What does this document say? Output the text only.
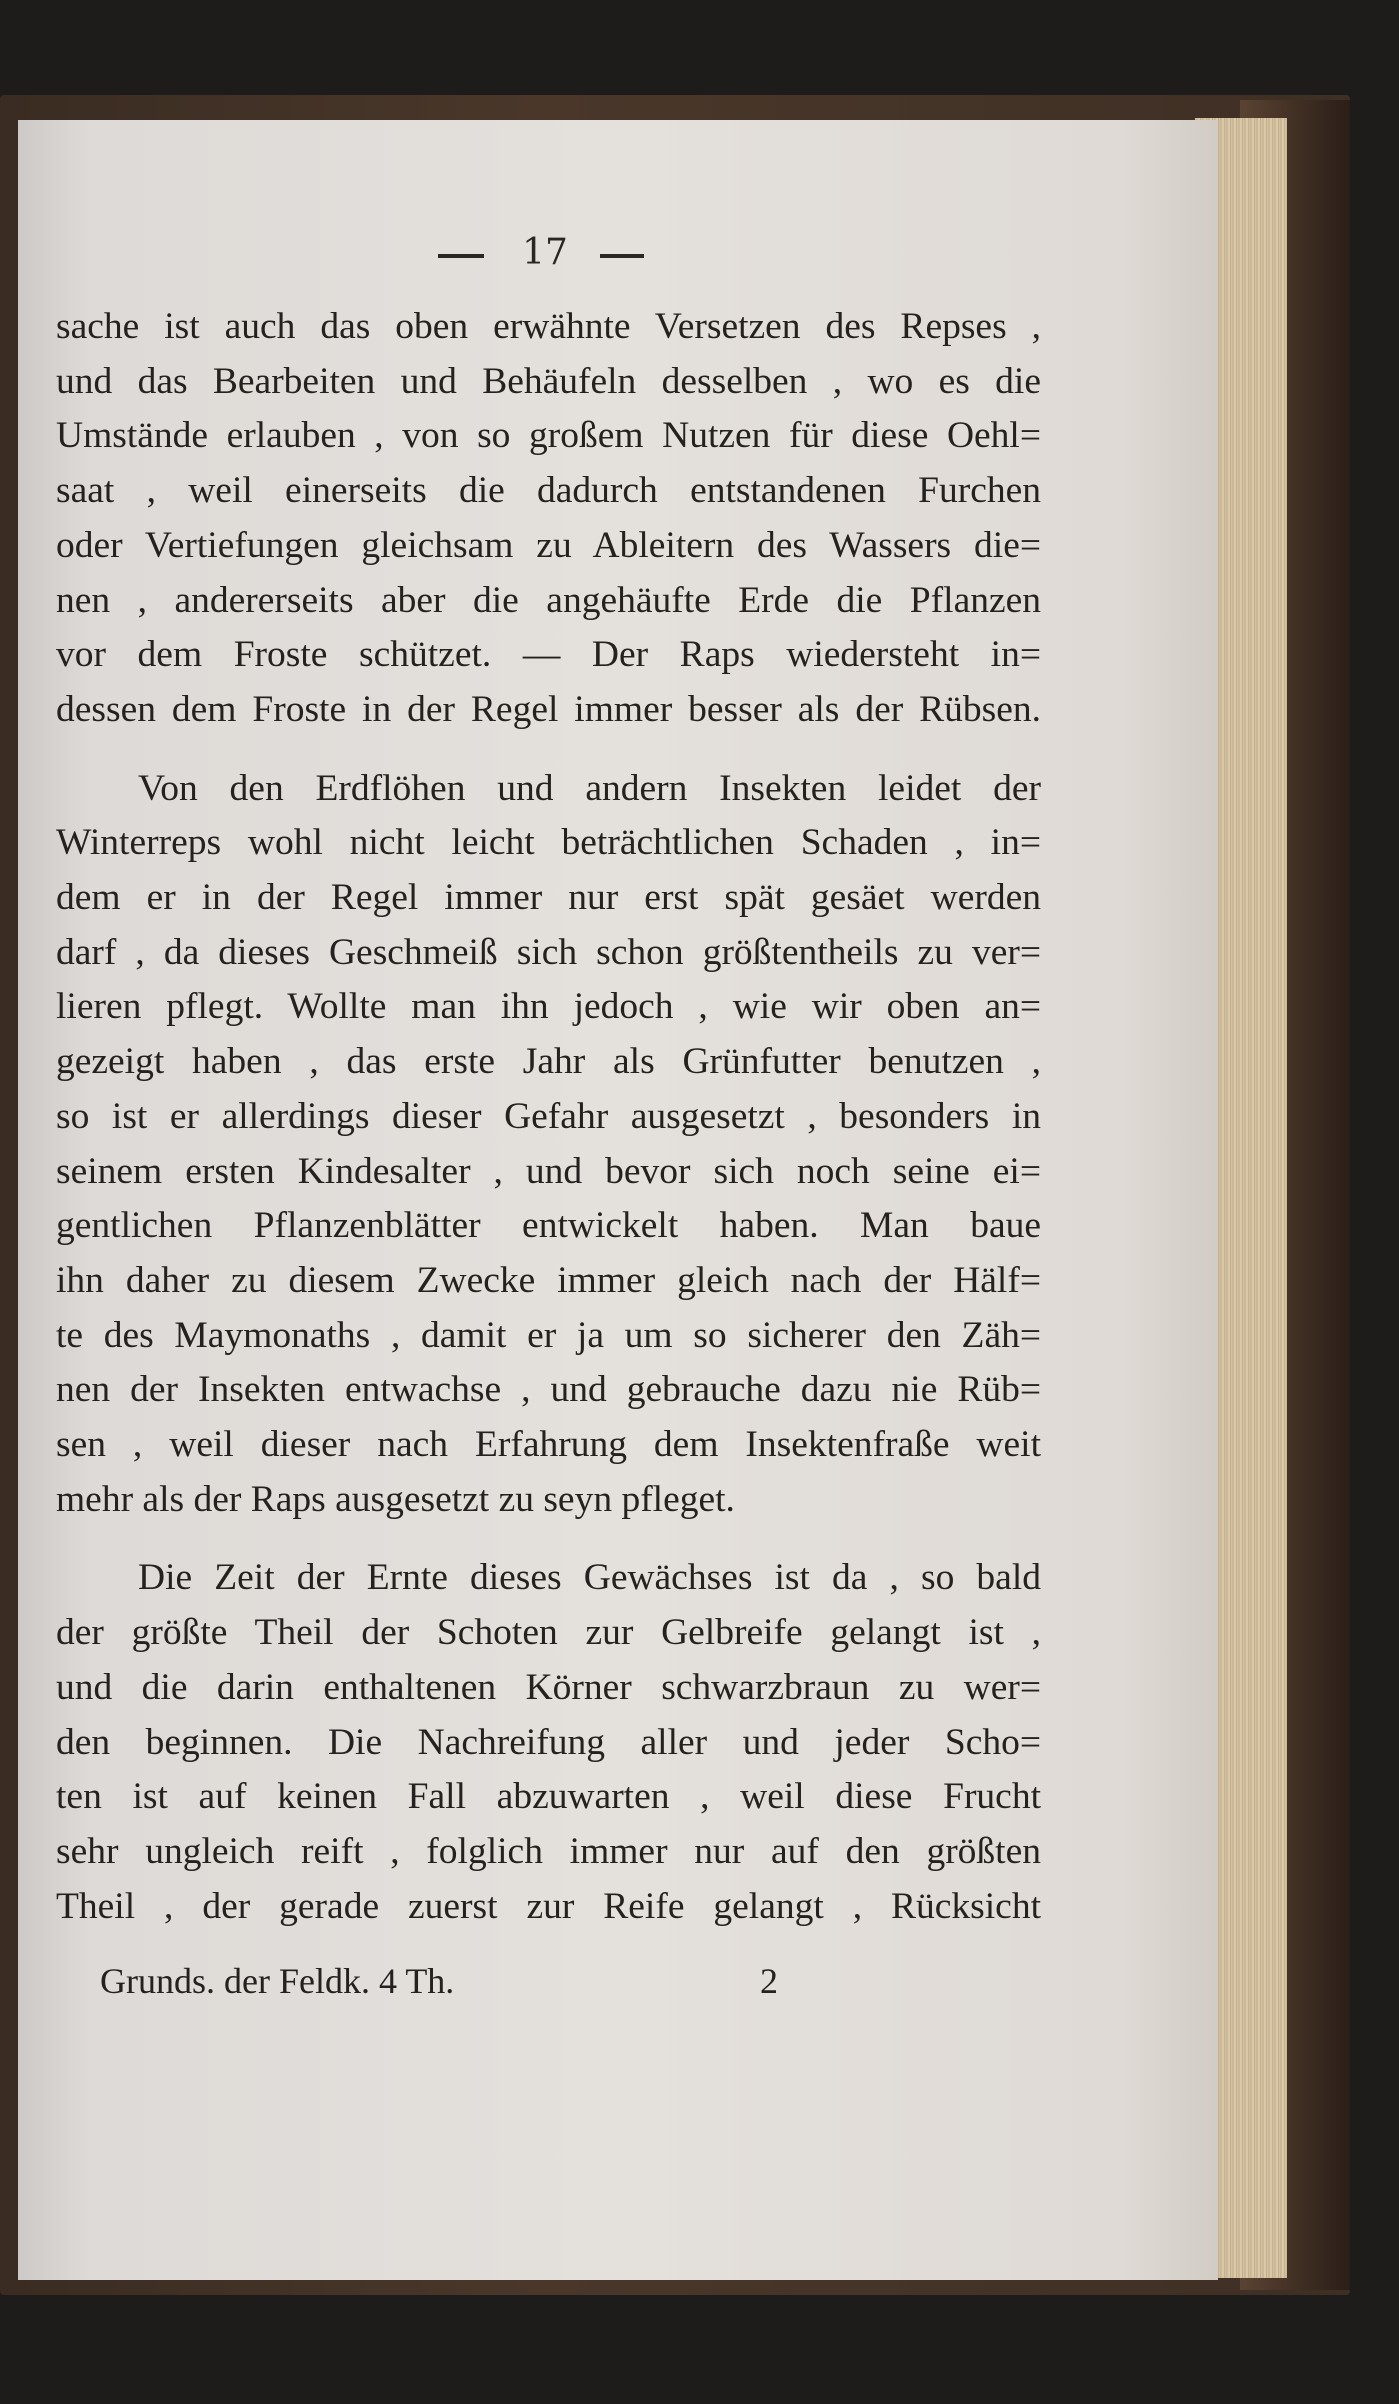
17

sache ist auch das oben erwähnte Versetzen des Repses ,
und das Bearbeiten und Behäufeln desselben , wo es die
Umstände erlauben , von so großem Nutzen für diese Oehl=
saat , weil einerseits die dadurch entstandenen Furchen
oder Vertiefungen gleichsam zu Ableitern des Wassers die=
nen , andererseits aber die angehäufte Erde die Pflanzen
vor dem Froste schützet. — Der Raps wiedersteht in=
dessen dem Froste in der Regel immer besser als der Rübsen.

Von den Erdflöhen und andern Insekten leidet der
Winterreps wohl nicht leicht beträchtlichen Schaden , in=
dem er in der Regel immer nur erst spät gesäet werden
darf , da dieses Geschmeiß sich schon größtentheils zu ver=
lieren pflegt. Wollte man ihn jedoch , wie wir oben an=
gezeigt haben , das erste Jahr als Grünfutter benutzen ,
so ist er allerdings dieser Gefahr ausgesetzt , besonders in
seinem ersten Kindesalter , und bevor sich noch seine ei=
gentlichen Pflanzenblätter entwickelt haben. Man baue
ihn daher zu diesem Zwecke immer gleich nach der Hälf=
te des Maymonaths , damit er ja um so sicherer den Zäh=
nen der Insekten entwachse , und gebrauche dazu nie Rüb=
sen , weil dieser nach Erfahrung dem Insektenfraße weit
mehr als der Raps ausgesetzt zu seyn pfleget.

Die Zeit der Ernte dieses Gewächses ist da , so bald
der größte Theil der Schoten zur Gelbreife gelangt ist ,
und die darin enthaltenen Körner schwarzbraun zu wer=
den beginnen. Die Nachreifung aller und jeder Scho=
ten ist auf keinen Fall abzuwarten , weil diese Frucht
sehr ungleich reift , folglich immer nur auf den größten
Theil , der gerade zuerst zur Reife gelangt , Rücksicht

Grunds. der Feldk. 4 Th.	2
